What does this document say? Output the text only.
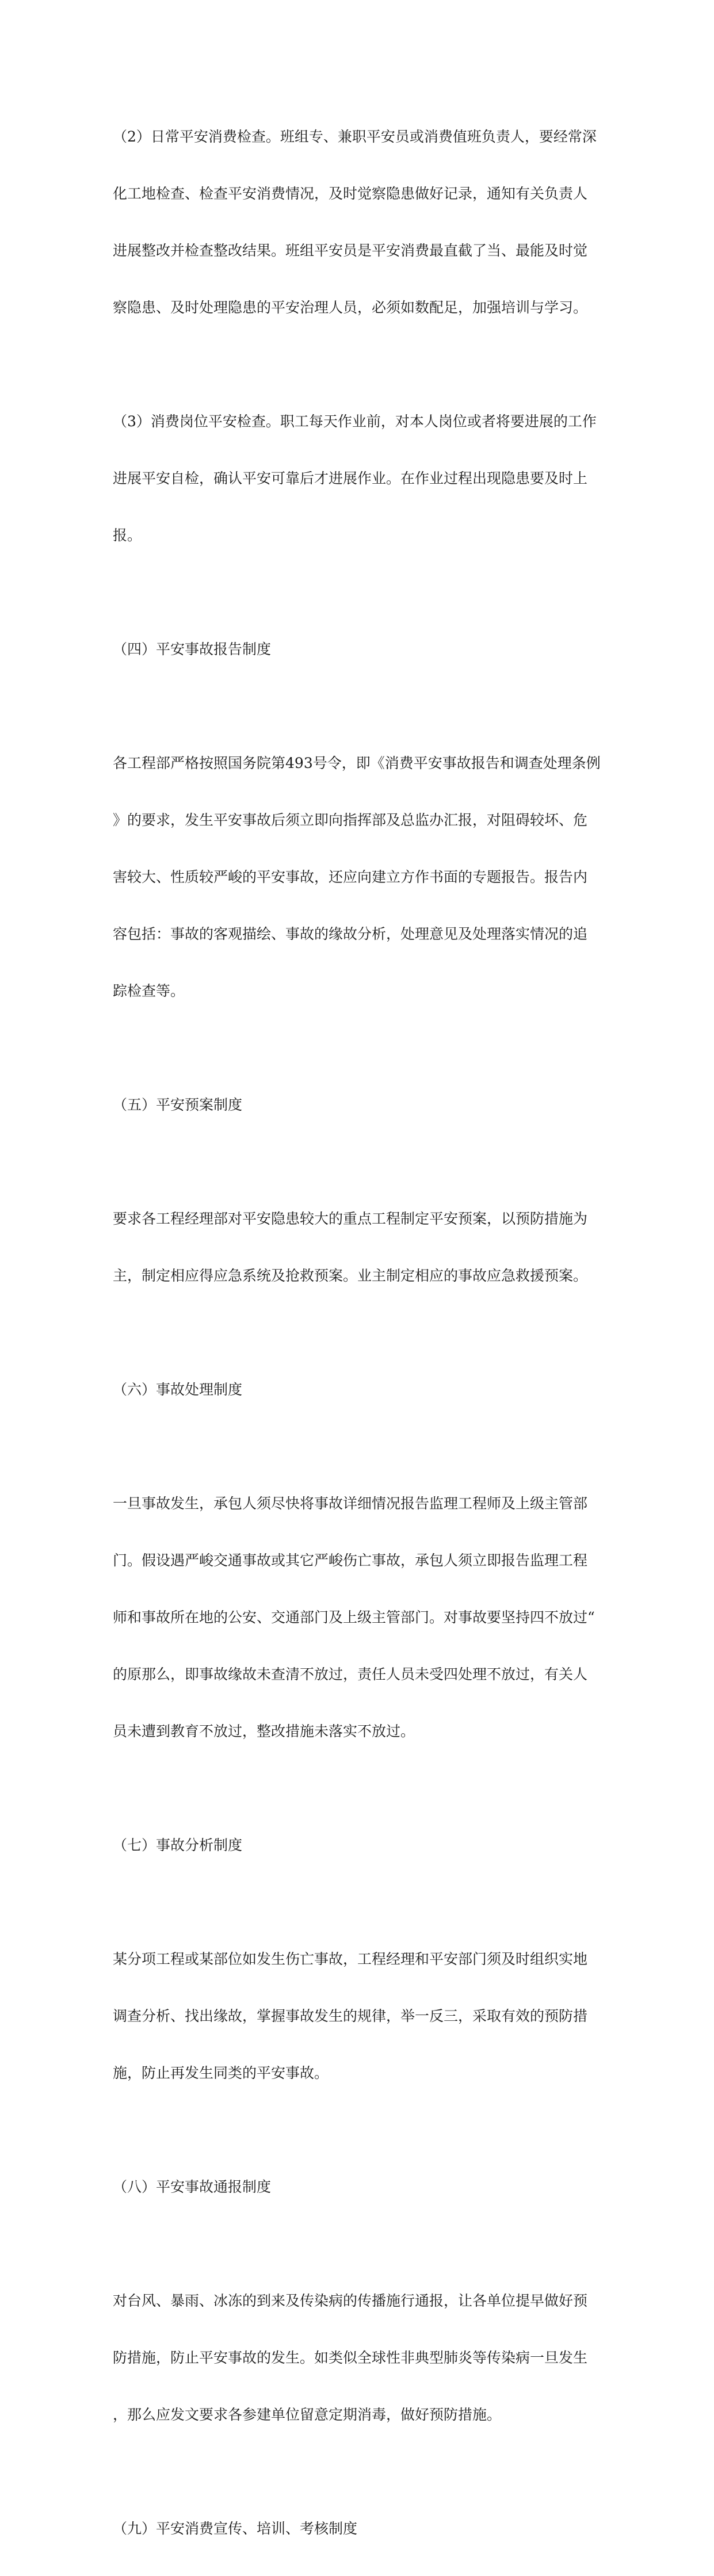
（2）日常平安消费检查。班组专、兼职平安员或消费值班负责人，要经常深

化工地检查、检查平安消费情况，及时觉察隐患做好记录，通知有关负责人

进展整改并检查整改结果。班组平安员是平安消费最直截了当、最能及时觉

察隐患、及时处理隐患的平安治理人员，必须如数配足，加强培训与学习。

（3）消费岗位平安检查。职工每天作业前，对本人岗位或者将要进展的工作

进展平安自检，确认平安可靠后才进展作业。在作业过程出现隐患要及时上

报。

（四）平安事故报告制度

各工程部严格按照国务院第493号令，即《消费平安事故报告和调查处理条例

》的要求，发生平安事故后须立即向指挥部及总监办汇报，对阻碍较坏、危

害较大、性质较严峻的平安事故，还应向建立方作书面的专题报告。报告内

容包括：事故的客观描绘、事故的缘故分析，处理意见及处理落实情况的追

踪检查等。

（五）平安预案制度

要求各工程经理部对平安隐患较大的重点工程制定平安预案，以预防措施为

主，制定相应得应急系统及抢救预案。业主制定相应的事故应急救援预案。

（六）事故处理制度

一旦事故发生，承包人须尽快将事故详细情况报告监理工程师及上级主管部

门。假设遇严峻交通事故或其它严峻伤亡事故，承包人须立即报告监理工程

师和事故所在地的公安、交通部门及上级主管部门。对事故要坚持四不放过“

的原那么，即事故缘故未查清不放过，责任人员未受四处理不放过，有关人

员未遭到教育不放过，整改措施未落实不放过。

（七）事故分析制度

某分项工程或某部位如发生伤亡事故，工程经理和平安部门须及时组织实地

调查分析、找出缘故，掌握事故发生的规律，举一反三，采取有效的预防措

施，防止再发生同类的平安事故。

（八）平安事故通报制度

对台风、暴雨、冰冻的到来及传染病的传播施行通报，让各单位提早做好预

防措施，防止平安事故的发生。如类似全球性非典型肺炎等传染病一旦发生

，那么应发文要求各参建单位留意定期消毒，做好预防措施。

（九）平安消费宣传、培训、考核制度
